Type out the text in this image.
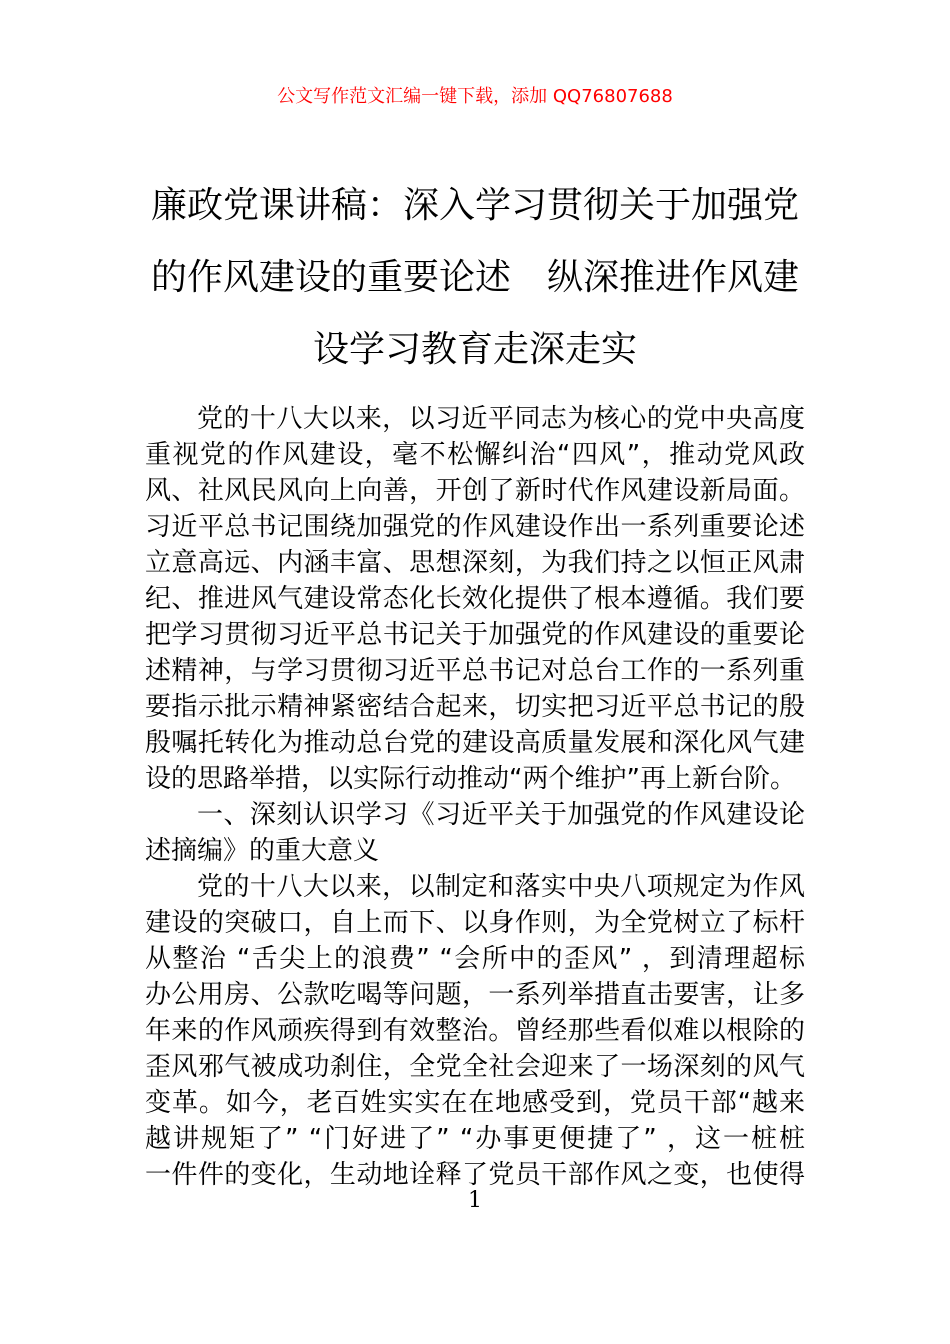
公文写作范文汇编一键下载，添加 QQ76807688
廉政党课讲稿：深入学习贯彻关于加强党
的作风建设的重要论述　纵深推进作风建
设学习教育走深走实
党的十八大以来，以习近平同志为核心的党中央高度
重视党的作风建设，毫不松懈纠治“四风”，推动党风政
风、社风民风向上向善，开创了新时代作风建设新局面。
习近平总书记围绕加强党的作风建设作出一系列重要论述
立意高远、内涵丰富、思想深刻，为我们持之以恒正风肃
纪、推进风气建设常态化长效化提供了根本遵循。我们要
把学习贯彻习近平总书记关于加强党的作风建设的重要论
述精神，与学习贯彻习近平总书记对总台工作的一系列重
要指示批示精神紧密结合起来，切实把习近平总书记的殷
殷嘱托转化为推动总台党的建设高质量发展和深化风气建
设的思路举措，以实际行动推动“两个维护”再上新台阶。
一、深刻认识学习《习近平关于加强党的作风建设论
述摘编》的重大意义
党的十八大以来，以制定和落实中央八项规定为作风
建设的突破口，自上而下、以身作则，为全党树立了标杆
从整治 “舌尖上的浪费” “会所中的歪风” ，到清理超标
办公用房、公款吃喝等问题，一系列举措直击要害，让多
年来的作风顽疾得到有效整治。曾经那些看似难以根除的
歪风邪气被成功刹住，全党全社会迎来了一场深刻的风气
变革。如今，老百姓实实在在地感受到，党员干部“越来
越讲规矩了” “门好进了” “办事更便捷了” ，这一桩桩
一件件的变化，生动地诠释了党员干部作风之变，也使得
1
